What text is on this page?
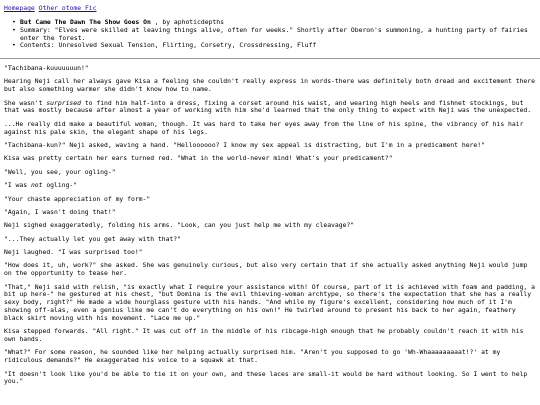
Homepage Other otome Fic
• But Came The Dawn The Show Goes On , by aphoticdepths
• Summary: "Elves were skilled at leaving things alive, often for weeks." Shortly after Oberon's summoning, a hunting party of fairies enter the forest.
• Contents: Unresolved Sexual Tension, Flirting, Corsetry, Crossdressing, Fluff

"Tachibana-kuuuuuuun!"

Hearing Neji call her always gave Kisa a feeling she couldn't really express in words-there was definitely both dread and excitement there but also something warmer she didn't know how to name.

She wasn't surprised to find him half-into a dress, fixing a corset around his waist, and wearing high heels and fishnet stockings, but that was mostly because after almost a year of working with him she'd learned that the only thing to expect with Neji was the unexpected.

...He really did make a beautiful woman, though. It was hard to take her eyes away from the line of his spine, the vibrancy of his hair against his pale skin, the elegant shape of his legs.

"Tachibana-kun?" Neji asked, waving a hand. "Helloooooo? I know my sex appeal is distracting, but I'm in a predicament here!"

Kisa was pretty certain her ears turned red. "What in the world-never mind! What's your predicament?"

"Well, you see, your ogling-"

"I was not ogling-"

"Your chaste appreciation of my form-"

"Again, I wasn't doing that!"

Neji sighed exaggeratedly, folding his arms. "Look, can you just help me with my cleavage?"

"...They actually let you get away with that?"

Neji laughed. "I was surprised too!"

"How does it, uh, work?" she asked. She was genuinely curious, but also very certain that if she actually asked anything Neji would jump on the opportunity to tease her.

"That," Neji said with relish, "is exactly what I require your assistance with! Of course, part of it is achieved with foam and padding, a bit up here-" he gestured at his chest, "but Domina is the evil thieving-woman archtype, so there's the expectation that she has a really sexy body, right?" He made a wide hourglass gesture with his hands. "And while my figure's excellent, considering how much of it I'm showing off-alas, even a genius like me can't do everything on his own!" He twirled around to present his back to her again, feathery black skirt moving with his movement. "Lace me up."

Kisa stepped forwards. "All right." It was cut off in the middle of his ribcage-high enough that he probably couldn't reach it with his own hands.

"What?" For some reason, he sounded like her helping actually surprised him. "Aren't you supposed to go 'Wh-Whaaaaaaaaat!?' at my ridiculous demands?" He exaggerated his voice to a squawk at that.

"It doesn't look like you'd be able to tie it on your own, and these laces are small-it would be hard without looking. So I went to help you."
